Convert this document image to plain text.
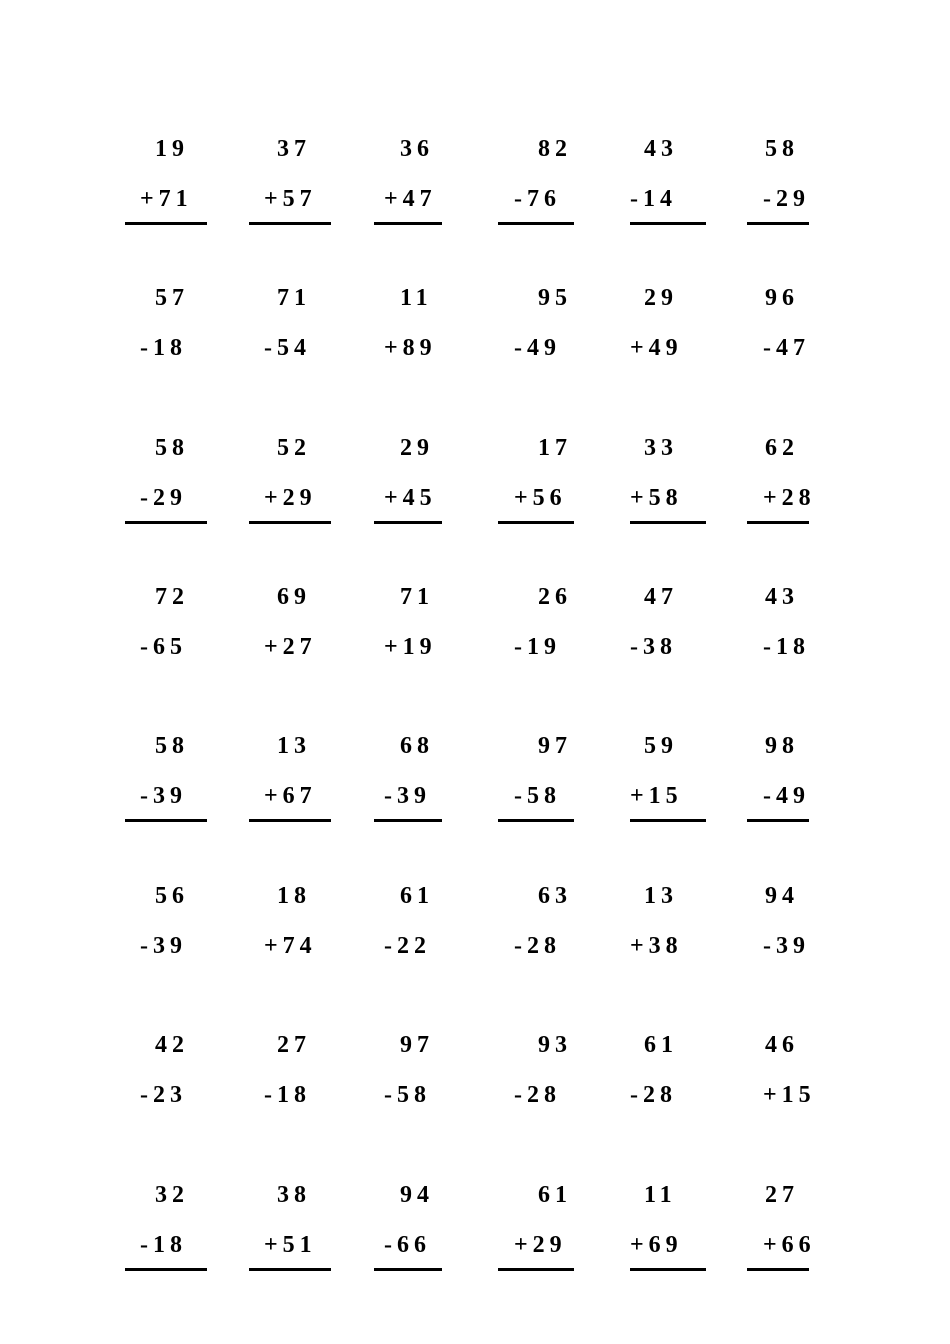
19
+71
37
+57
36
+47
82
-76
43
-14
58
-29
57
-18
71
-54
11
+89
95
-49
29
+49
96
-47
58
-29
52
+29
29
+45
17
+56
33
+58
62
+28
72
-65
69
+27
71
+19
26
-19
47
-38
43
-18
58
-39
13
+67
68
-39
97
-58
59
+15
98
-49
56
-39
18
+74
61
-22
63
-28
13
+38
94
-39
42
-23
27
-18
97
-58
93
-28
61
-28
46
+15
32
-18
38
+51
94
-66
61
+29
11
+69
27
+66
